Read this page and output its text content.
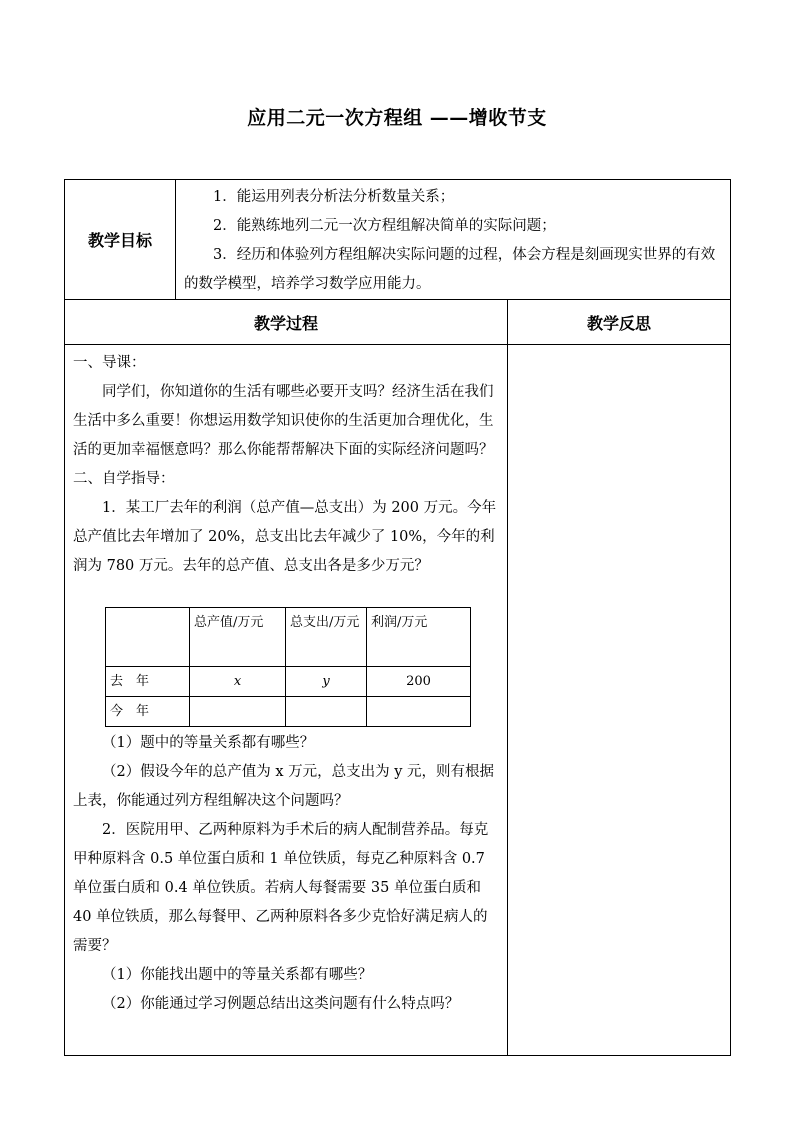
应用二元一次方程组 ——增收节支
教学目标	

1．能运用列表分析法分析数量关系；

2．能熟练地列二元一次方程组解决简单的实际问题；

3．经历和体验列方程组解决实际问题的过程，体会方程是刻画现实世界的有效的数学模型，培养学习数学应用能力。

教学过程	教学反思

一、导课：

同学们，你知道你的生活有哪些必要开支吗？经济生活在我们生活中多么重要！你想运用数学知识使你的生活更加合理优化，生活的更加幸福惬意吗？那么你能帮帮解决下面的实际经济问题吗？

二、自学指导：

1．某工厂去年的利润（总产值—总支出）为 200 万元。今年总产值比去年增加了 20%，总支出比去年减少了 10%，今年的利润为 780 万元。去年的总产值、总支出各是多少万元？

	总产值/万元	总支出/万元	利润/万元
去　年	x	y	200
今　年			

（1）题中的等量关系都有哪些？

（2）假设今年的总产值为 x 万元，总支出为 y 元，则有根据上表，你能通过列方程组解决这个问题吗？

2．医院用甲、乙两种原料为手术后的病人配制营养品。每克甲种原料含 0.5 单位蛋白质和 1 单位铁质，每克乙种原料含 0.7 单位蛋白质和 0.4 单位铁质。若病人每餐需要 35 单位蛋白质和 40 单位铁质，那么每餐甲、乙两种原料各多少克恰好满足病人的需要？

（1）你能找出题中的等量关系都有哪些？

（2）你能通过学习例题总结出这类问题有什么特点吗？
